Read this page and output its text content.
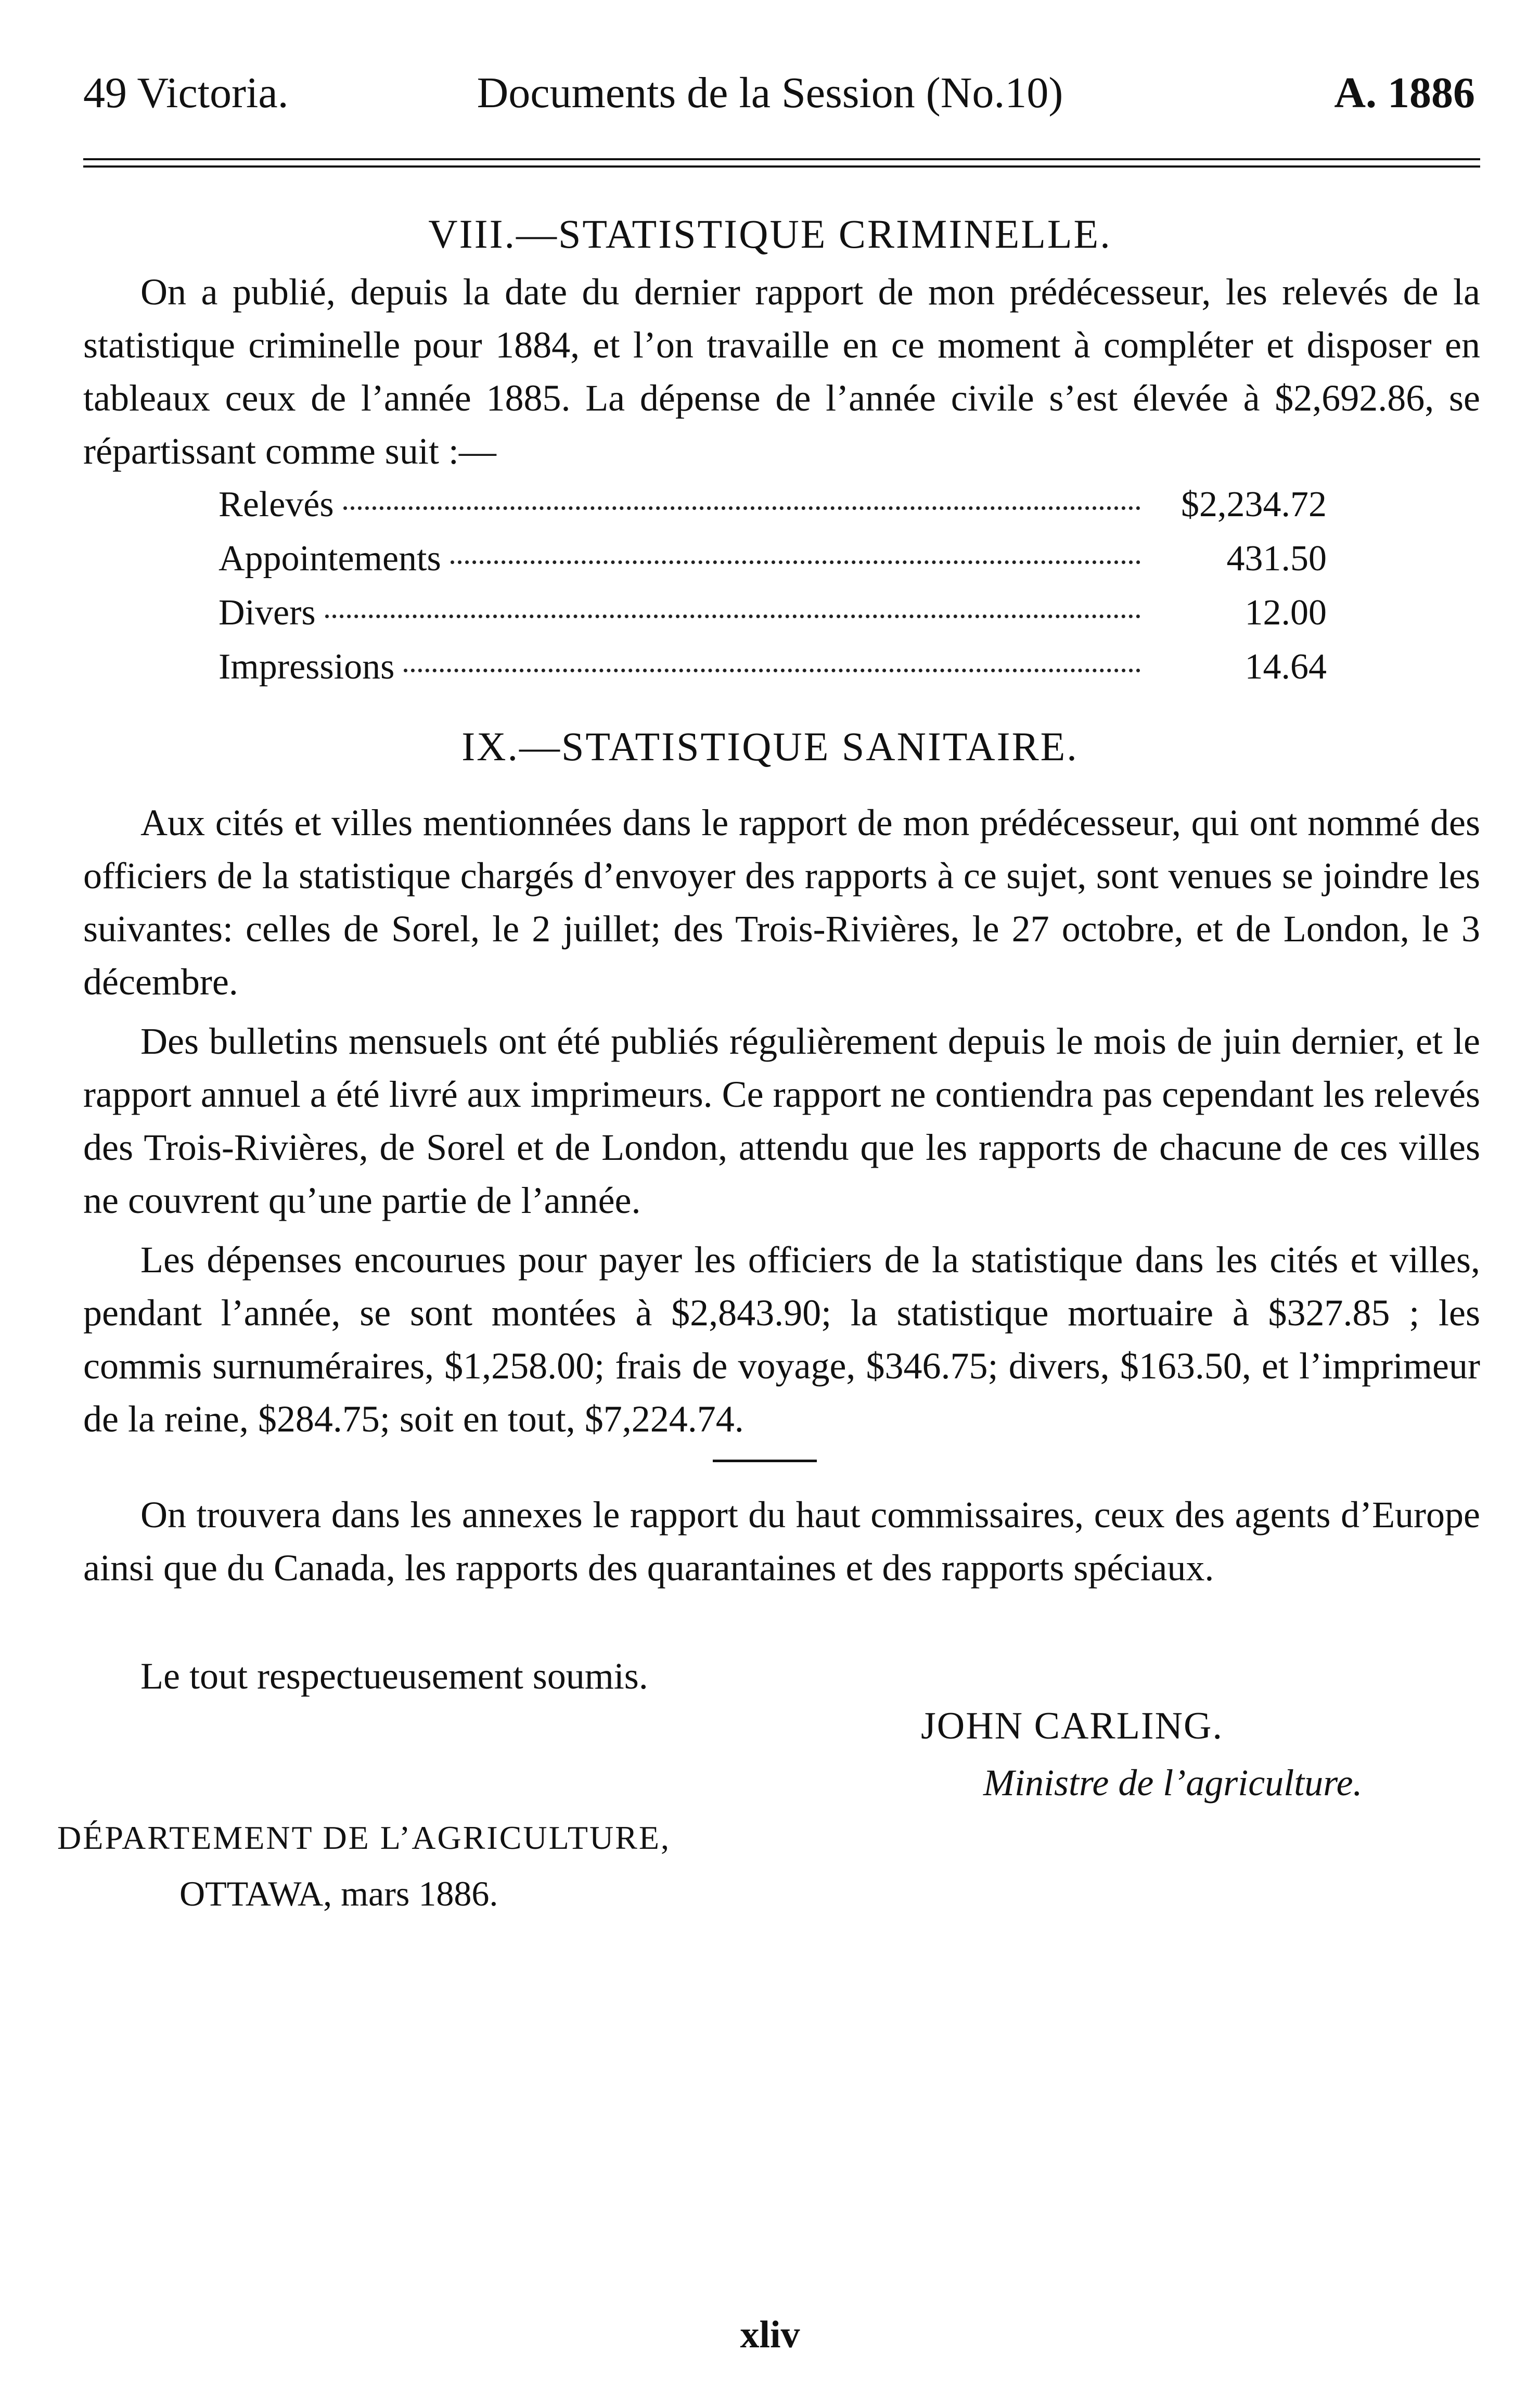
49 Victoria.	Documents de la Session (No.10)	A. 1886
VIII.—STATISTIQUE CRIMINELLE.
On a publié, depuis la date du dernier rapport de mon prédécesseur, les relevés de la statistique criminelle pour 1884, et l’on travaille en ce moment à compléter et disposer en tableaux ceux de l’année 1885. La dépense de l’année civile s’est élevée à $2,692.86, se répartissant comme suit :—
Relevés	$2,234.72
Appointements	431.50
Divers	12.00
Impressions	14.64
IX.—STATISTIQUE SANITAIRE.
Aux cités et villes mentionnées dans le rapport de mon prédécesseur, qui ont nommé des officiers de la statistique chargés d’envoyer des rapports à ce sujet, sont venues se joindre les suivantes: celles de Sorel, le 2 juillet; des Trois-Rivières, le 27 octobre, et de London, le 3 décembre.
Des bulletins mensuels ont été publiés régulièrement depuis le mois de juin dernier, et le rapport annuel a été livré aux imprimeurs. Ce rapport ne contiendra pas cependant les relevés des Trois-Rivières, de Sorel et de London, attendu que les rapports de chacune de ces villes ne couvrent qu’une partie de l’année.
Les dépenses encourues pour payer les officiers de la statistique dans les cités et villes, pendant l’année, se sont montées à $2,843.90; la statistique mortuaire à $327.85 ; les commis surnuméraires, $1,258.00; frais de voyage, $346.75; divers, $163.50, et l’imprimeur de la reine, $284.75; soit en tout, $7,224.74.
On trouvera dans les annexes le rapport du haut commissaires, ceux des agents d’Europe ainsi que du Canada, les rapports des quarantaines et des rapports spéciaux.
Le tout respectueusement soumis.
JOHN CARLING.
Ministre de l’agriculture.
DÉPARTEMENT DE L’AGRICULTURE,
OTTAWA, mars 1886.
xliv
